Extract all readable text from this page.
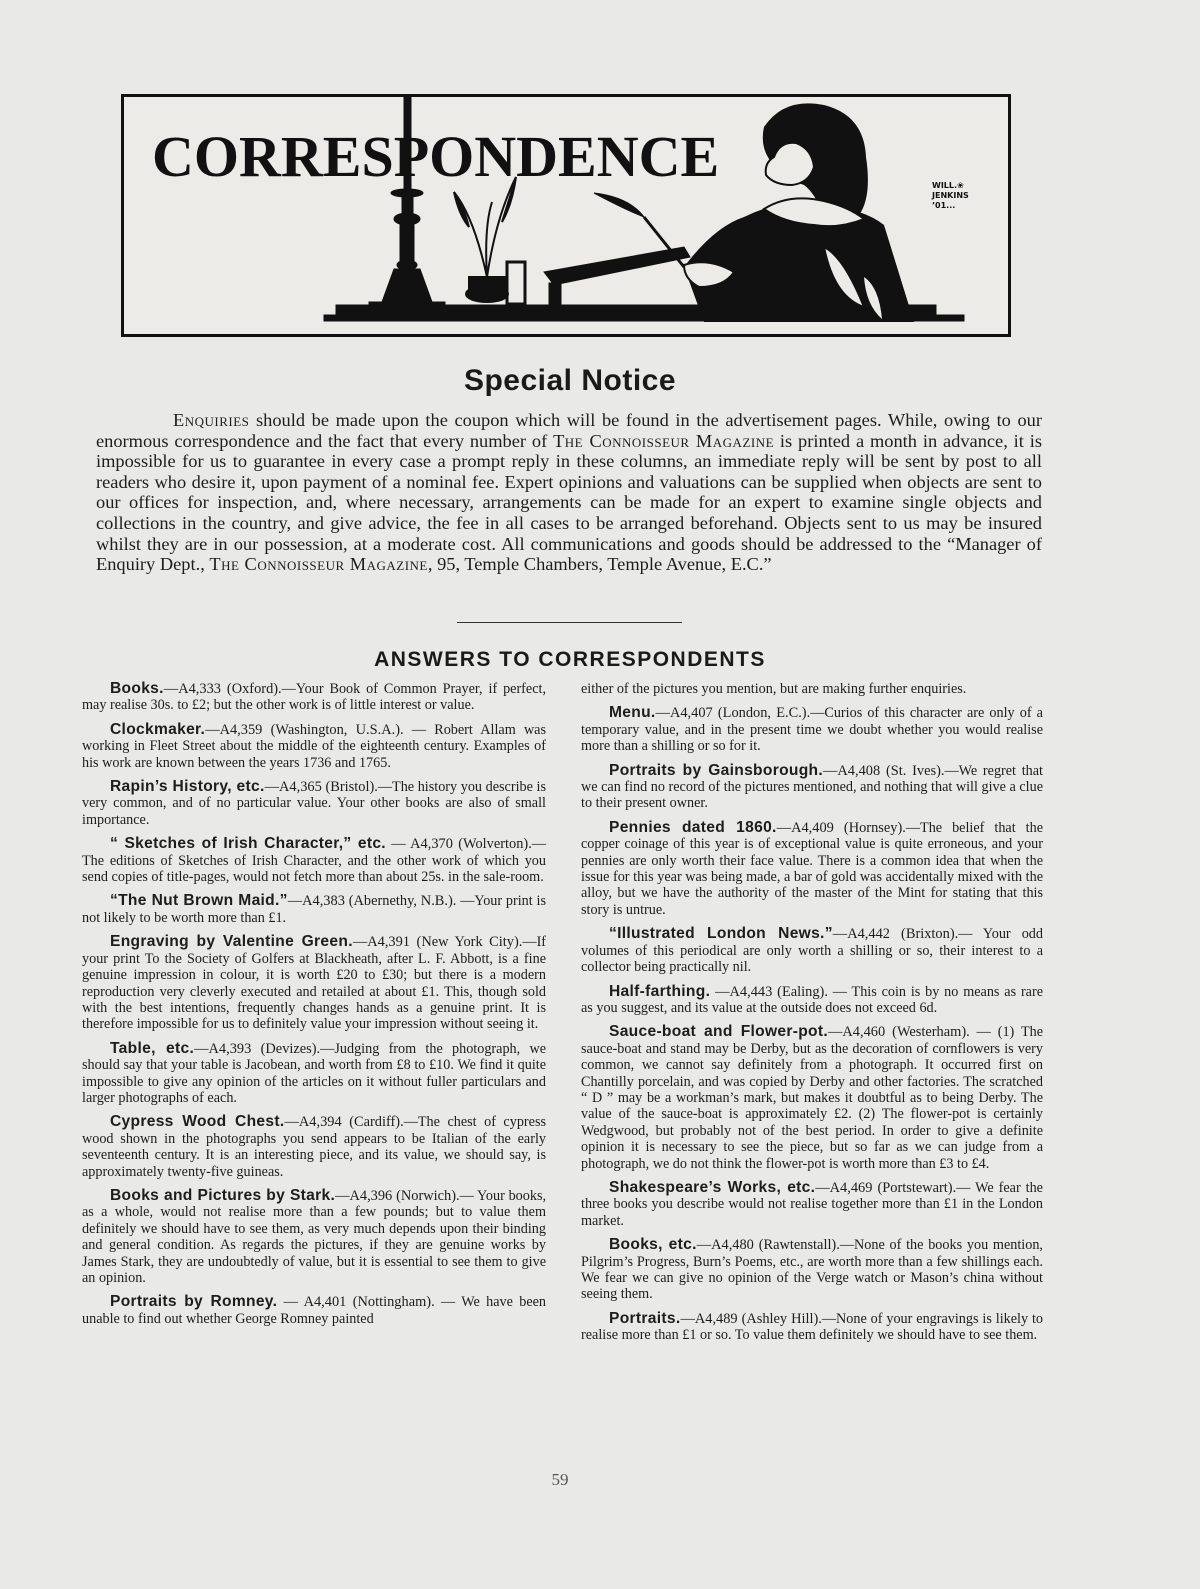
CORRESPONDENCE	WILL.❀ JENKINS ’01...
Special Notice

Enquiries should be made upon the coupon which will be found in the advertisement pages. While, owing to our enormous correspondence and the fact that every number of The Connoisseur Magazine is printed a month in advance, it is impossible for us to guarantee in every case a prompt reply in these columns, an immediate reply will be sent by post to all readers who desire it, upon payment of a nominal fee. Expert opinions and valuations can be supplied when objects are sent to our offices for inspection, and, where necessary, arrangements can be made for an expert to examine single objects and collections in the country, and give advice, the fee in all cases to be arranged beforehand. Objects sent to us may be insured whilst they are in our possession, at a moderate cost. All communications and goods should be addressed to the “Manager of Enquiry Dept., The Connoisseur Magazine, 95, Temple Chambers, Temple Avenue, E.C.”

ANSWERS TO CORRESPONDENTS

Books.—A4,333 (Oxford).—Your Book of Common Prayer, if perfect, may realise 30s. to £2; but the other work is of little interest or value.

Clockmaker.—A4,359 (Washington, U.S.A.). — Robert Allam was working in Fleet Street about the middle of the eighteenth century. Examples of his work are known between the years 1736 and 1765.

Rapin’s History, etc.—A4,365 (Bristol).—The history you describe is very common, and of no particular value. Your other books are also of small importance.

“ Sketches of Irish Character,” etc. — A4,370 (Wolverton).—The editions of Sketches of Irish Character, and the other work of which you send copies of title-pages, would not fetch more than about 25s. in the sale-room.

“The Nut Brown Maid.”—A4,383 (Abernethy, N.B.). —Your print is not likely to be worth more than £1.

Engraving by Valentine Green.—A4,391 (New York City).—If your print To the Society of Golfers at Blackheath, after L. F. Abbott, is a fine genuine impression in colour, it is worth £20 to £30; but there is a modern reproduction very cleverly executed and retailed at about £1. This, though sold with the best intentions, frequently changes hands as a genuine print. It is therefore impossible for us to definitely value your impression without seeing it.

Table, etc.—A4,393 (Devizes).—Judging from the photograph, we should say that your table is Jacobean, and worth from £8 to £10. We find it quite impossible to give any opinion of the articles on it without fuller particulars and larger photographs of each.

Cypress Wood Chest.—A4,394 (Cardiff).—The chest of cypress wood shown in the photographs you send appears to be Italian of the early seventeenth century. It is an interesting piece, and its value, we should say, is approximately twenty-five guineas.

Books and Pictures by Stark.—A4,396 (Norwich).— Your books, as a whole, would not realise more than a few pounds; but to value them definitely we should have to see them, as very much depends upon their binding and general condition. As regards the pictures, if they are genuine works by James Stark, they are undoubtedly of value, but it is essential to see them to give an opinion.

Portraits by Romney. — A4,401 (Nottingham). — We have been unable to find out whether George Romney painted

either of the pictures you mention, but are making further enquiries.

Menu.—A4,407 (London, E.C.).—Curios of this character are only of a temporary value, and in the present time we doubt whether you would realise more than a shilling or so for it.

Portraits by Gainsborough.—A4,408 (St. Ives).—We regret that we can find no record of the pictures mentioned, and nothing that will give a clue to their present owner.

Pennies dated 1860.—A4,409 (Hornsey).—The belief that the copper coinage of this year is of exceptional value is quite erroneous, and your pennies are only worth their face value. There is a common idea that when the issue for this year was being made, a bar of gold was accidentally mixed with the alloy, but we have the authority of the master of the Mint for stating that this story is untrue.

“Illustrated London News.”—A4,442 (Brixton).— Your odd volumes of this periodical are only worth a shilling or so, their interest to a collector being practically nil.

Half-farthing. —A4,443 (Ealing). — This coin is by no means as rare as you suggest, and its value at the outside does not exceed 6d.

Sauce-boat and Flower-pot.—A4,460 (Westerham). — (1) The sauce-boat and stand may be Derby, but as the decoration of cornflowers is very common, we cannot say definitely from a photograph. It occurred first on Chantilly porcelain, and was copied by Derby and other factories. The scratched “ D ” may be a workman’s mark, but makes it doubtful as to being Derby. The value of the sauce-boat is approximately £2. (2) The flower-pot is certainly Wedgwood, but probably not of the best period. In order to give a definite opinion it is necessary to see the piece, but so far as we can judge from a photograph, we do not think the flower-pot is worth more than £3 to £4.

Shakespeare’s Works, etc.—A4,469 (Portstewart).— We fear the three books you describe would not realise together more than £1 in the London market.

Books, etc.—A4,480 (Rawtenstall).—None of the books you mention, Pilgrim’s Progress, Burn’s Poems, etc., are worth more than a few shillings each. We fear we can give no opinion of the Verge watch or Mason’s china without seeing them.

Portraits.—A4,489 (Ashley Hill).—None of your engravings is likely to realise more than £1 or so. To value them definitely we should have to see them.

59
